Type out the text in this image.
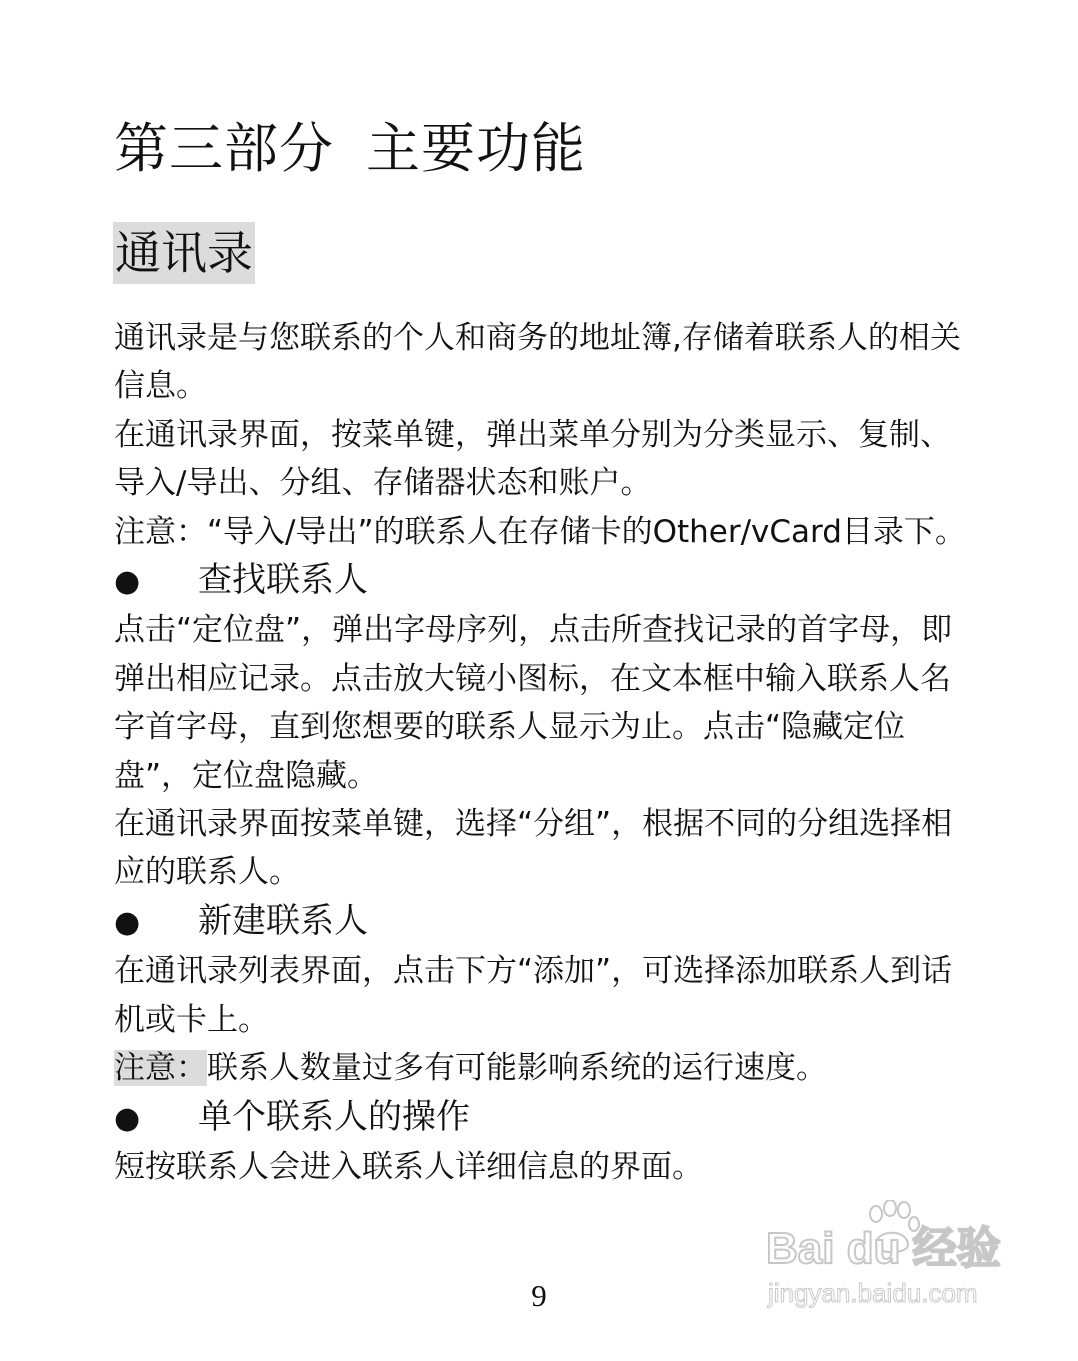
第三部分 主要功能
通讯录

通讯录是与您联系的个人和商务的地址簿,存储着联系人的相关信息。

在通讯录界面，按菜单键，弹出菜单分别为分类显示、复制、导入/导出、分组、存储器状态和账户。

注意：“导入/导出”的联系人在存储卡的Other/vCard目录下。

● 查找联系人

点击“定位盘”，弹出字母序列，点击所查找记录的首字母，即弹出相应记录。点击放大镜小图标，在文本框中输入联系人名字首字母，直到您想要的联系人显示为止。点击“隐藏定位盘”，定位盘隐藏。

在通讯录界面按菜单键，选择“分组”，根据不同的分组选择相应的联系人。

● 新建联系人

在通讯录列表界面，点击下方“添加”，可选择添加联系人到话机或卡上。

注意：联系人数量过多有可能影响系统的运行速度。

● 单个联系人的操作

短按联系人会进入联系人详细信息的界面。

Bai du 经验
jingyan.baidu.com
9
